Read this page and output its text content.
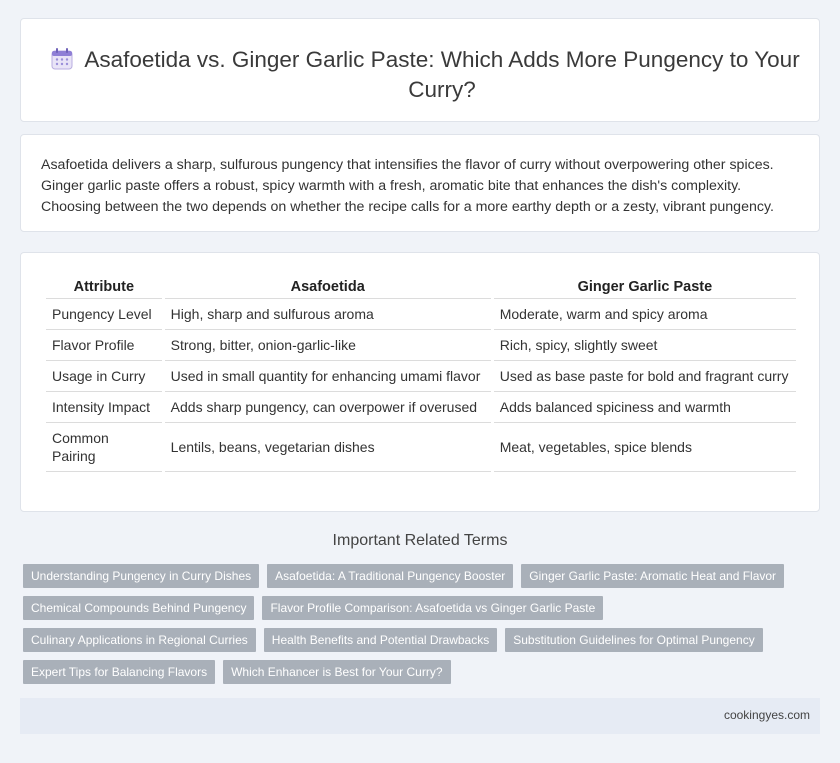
Asafoetida vs. Ginger Garlic Paste: Which Adds More Pungency to Your Curry?

Asafoetida delivers a sharp, sulfurous pungency that intensifies the flavor of curry without overpowering other spices. Ginger garlic paste offers a robust, spicy warmth with a fresh, aromatic bite that enhances the dish's complexity. Choosing between the two depends on whether the recipe calls for a more earthy depth or a zesty, vibrant pungency.

Attribute	Asafoetida	Ginger Garlic Paste
Pungency Level	High, sharp and sulfurous aroma	Moderate, warm and spicy aroma
Flavor Profile	Strong, bitter, onion-garlic-like	Rich, spicy, slightly sweet
Usage in Curry	Used in small quantity for enhancing umami flavor	Used as base paste for bold and fragrant curry
Intensity Impact	Adds sharp pungency, can overpower if overused	Adds balanced spiciness and warmth
Common Pairing	Lentils, beans, vegetarian dishes	Meat, vegetables, spice blends
Important Related Terms
Understanding Pungency in Curry Dishes	Asafoetida: A Traditional Pungency Booster	Ginger Garlic Paste: Aromatic Heat and Flavor
Chemical Compounds Behind Pungency	Flavor Profile Comparison: Asafoetida vs Ginger Garlic Paste
Culinary Applications in Regional Curries	Health Benefits and Potential Drawbacks	Substitution Guidelines for Optimal Pungency
Expert Tips for Balancing Flavors	Which Enhancer is Best for Your Curry?
cookingyes.com
